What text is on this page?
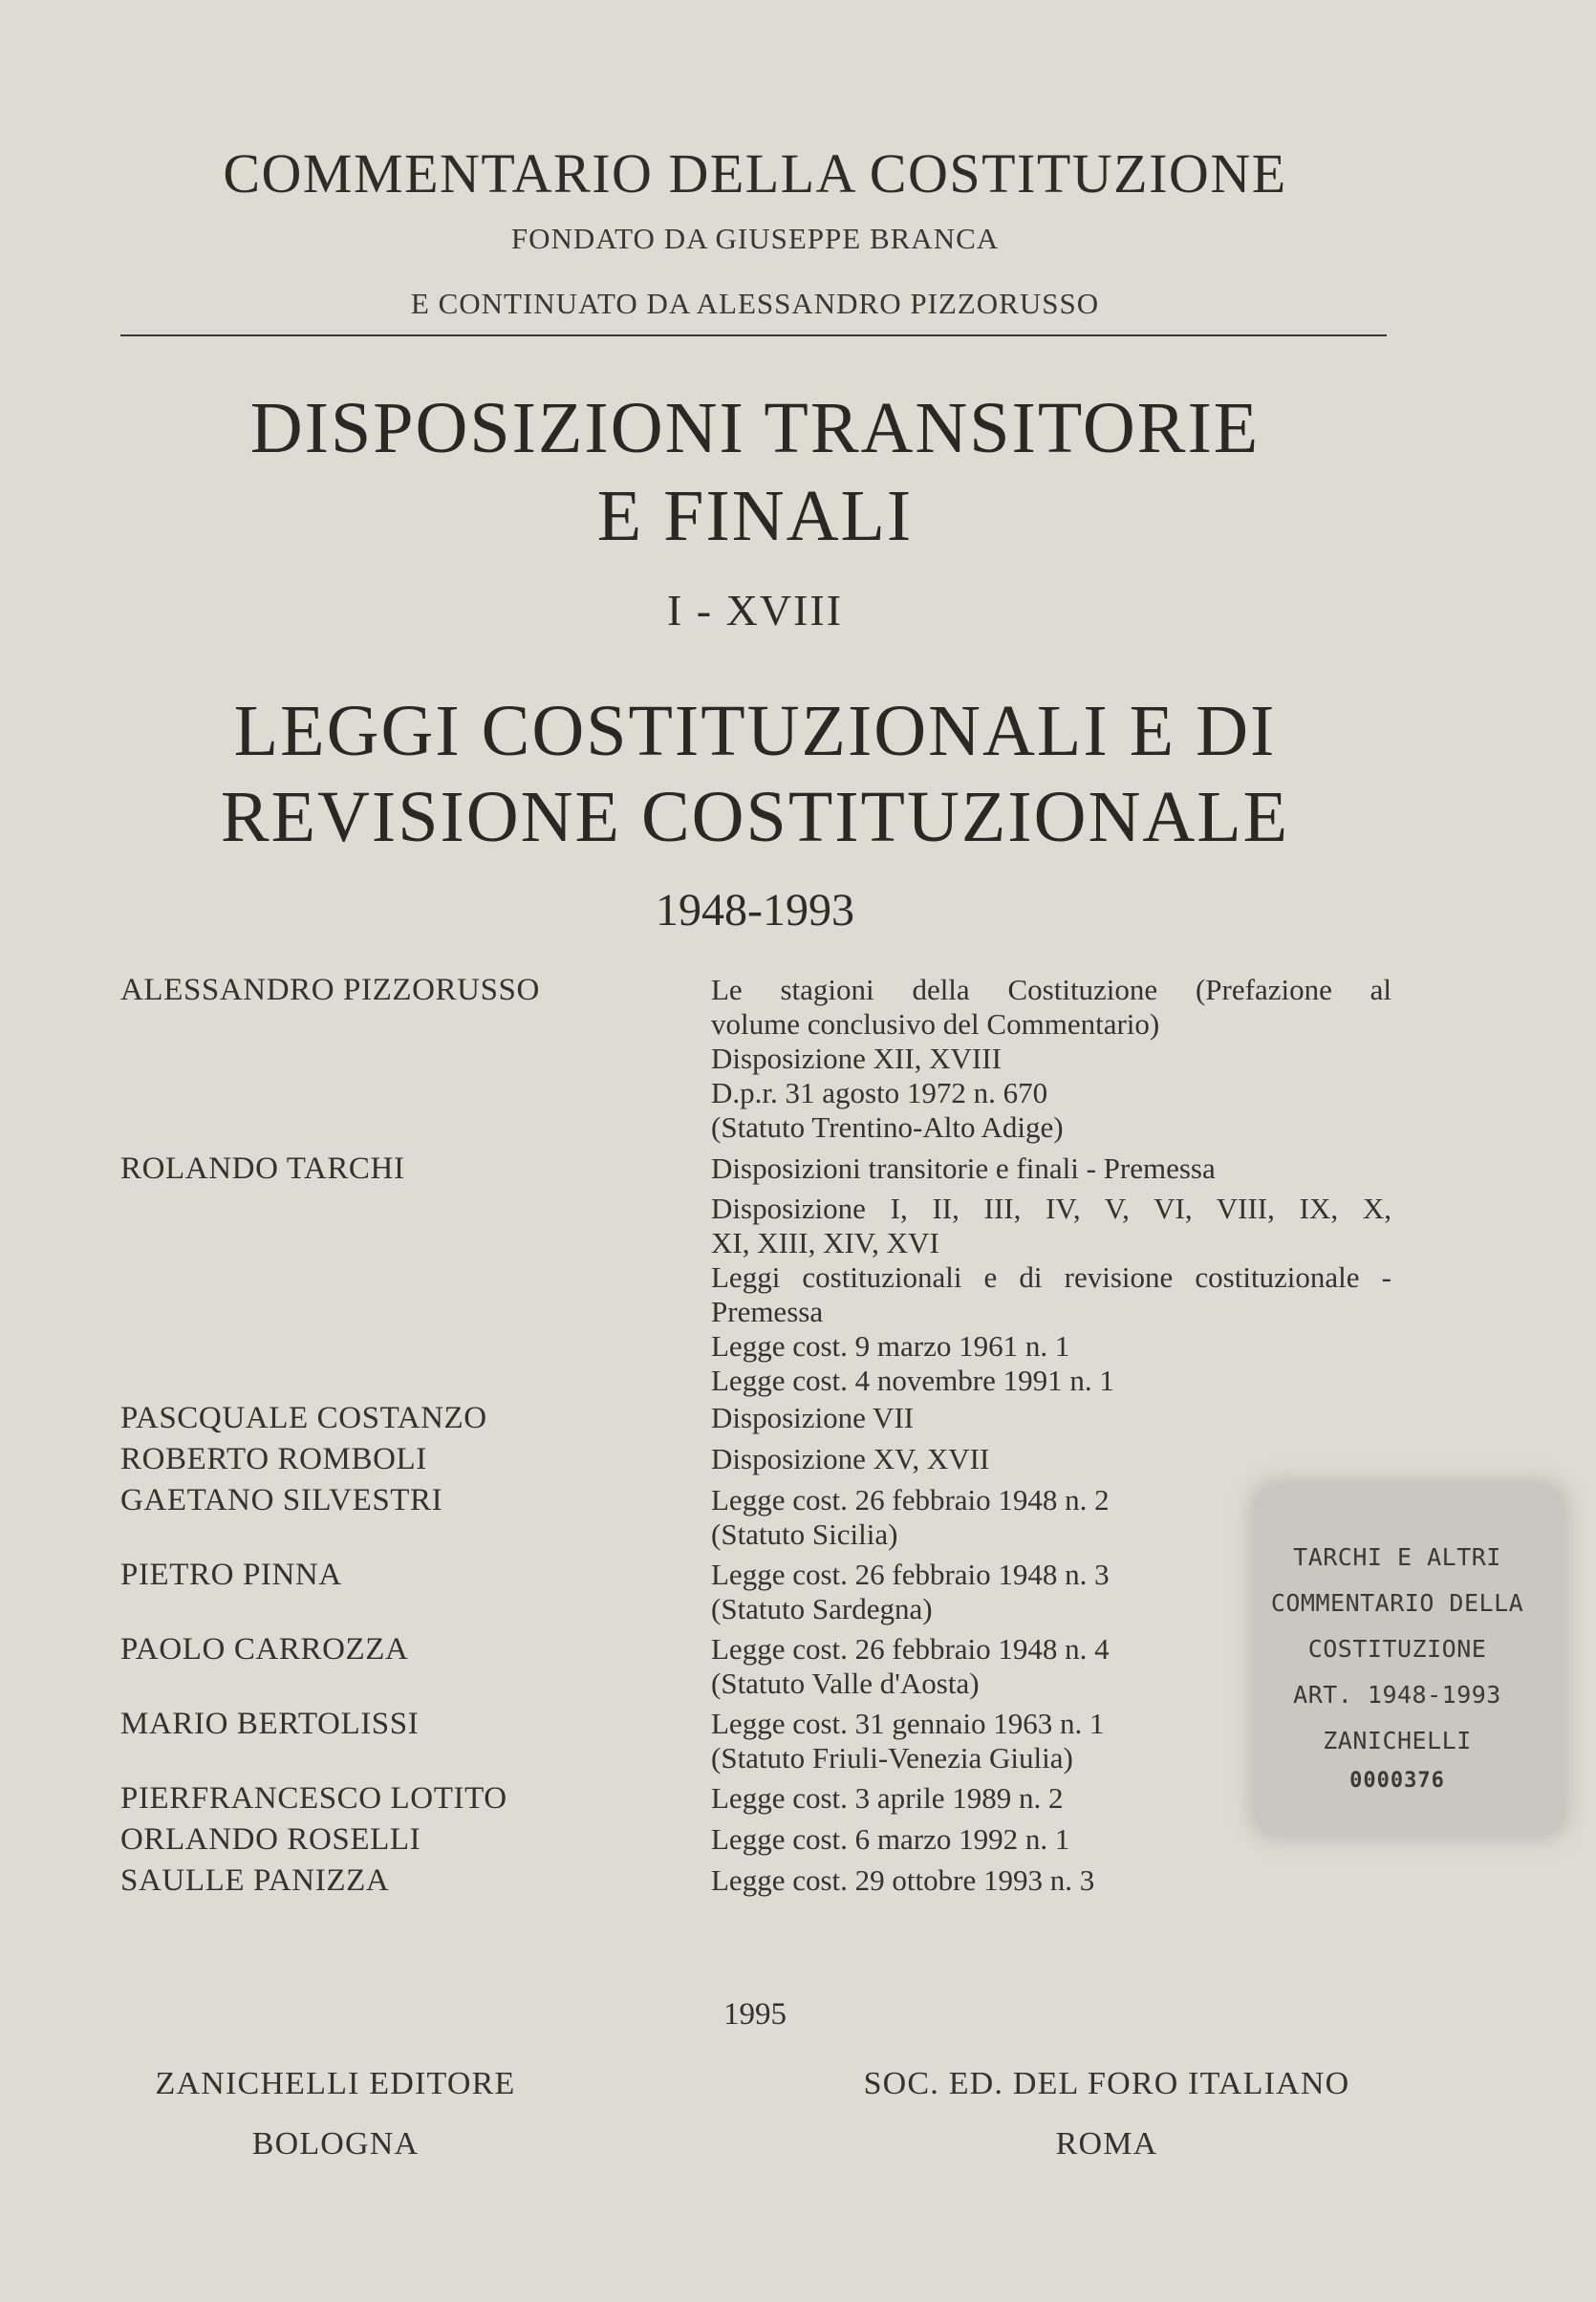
COMMENTARIO DELLA COSTITUZIONE
FONDATO DA GIUSEPPE BRANCA
E CONTINUATO DA ALESSANDRO PIZZORUSSO
DISPOSIZIONI TRANSITORIE
E FINALI
I - XVIII
LEGGI COSTITUZIONALI E DI
REVISIONE COSTITUZIONALE
1948-1993
ALESSANDRO PIZZORUSSO	Le stagioni della Costituzione (Prefazione al
volume conclusivo del Commentario)
Disposizione XII, XVIII
D.p.r. 31 agosto 1972 n. 670
(Statuto Trentino-Alto Adige)
ROLANDO TARCHI	Disposizioni transitorie e finali - Premessa
Disposizione I, II, III, IV, V, VI, VIII, IX, X,
XI, XIII, XIV, XVI
Leggi costituzionali e di revisione costituzionale -
Premessa
Legge cost. 9 marzo 1961 n. 1
Legge cost. 4 novembre 1991 n. 1
PASCQUALE COSTANZO	Disposizione VII
ROBERTO ROMBOLI	Disposizione XV, XVII
GAETANO SILVESTRI	Legge cost. 26 febbraio 1948 n. 2
(Statuto Sicilia)
PIETRO PINNA	Legge cost. 26 febbraio 1948 n. 3
(Statuto Sardegna)
PAOLO CARROZZA	Legge cost. 26 febbraio 1948 n. 4
(Statuto Valle d'Aosta)
MARIO BERTOLISSI	Legge cost. 31 gennaio 1963 n. 1
(Statuto Friuli-Venezia Giulia)
PIERFRANCESCO LOTITO	Legge cost. 3 aprile 1989 n. 2
ORLANDO ROSELLI	Legge cost. 6 marzo 1992 n. 1
SAULLE PANIZZA	Legge cost. 29 ottobre 1993 n. 3
TARCHI E ALTRI
COMMENTARIO DELLA
COSTITUZIONE
ART. 1948-1993
ZANICHELLI
0000376
1995
ZANICHELLI EDITORE
BOLOGNA
SOC. ED. DEL FORO ITALIANO
ROMA
